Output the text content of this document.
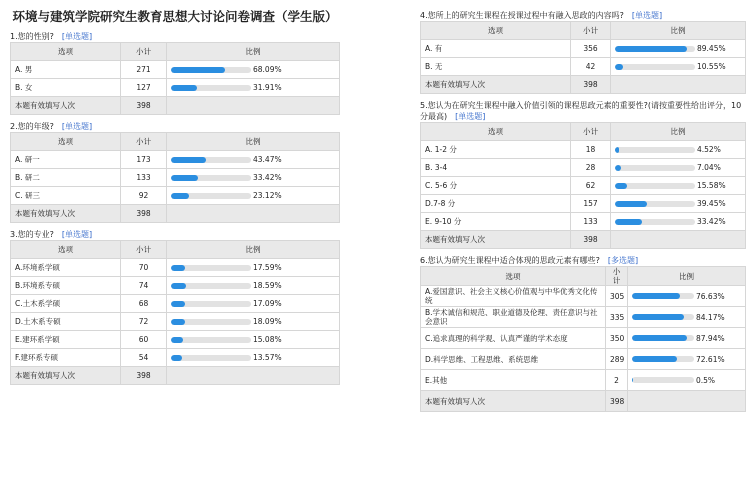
环境与建筑学院研究生教育思想大讨论问卷调查（学生版）

1.您的性别? [单选题]

选项	小计	比例
A. 男	271	68.09%
B. 女	127	31.91%
本题有效填写人次	398	

2.您的年级? [单选题]

选项	小计	比例
A. 研一	173	43.47%
B. 研二	133	33.42%
C. 研三	92	23.12%
本题有效填写人次	398	

3.您的专业? [单选题]

选项	小计	比例
A.环境系学硕	70	17.59%
B.环境系专硕	74	18.59%
C.土木系学硕	68	17.09%
D.土木系专硕	72	18.09%
E.建环系学硕	60	15.08%
F.建环系专硕	54	13.57%
本题有效填写人次	398	

4.您所上的研究生课程在授课过程中有融入思政的内容吗? [单选题]

选项	小计	比例
A. 有	356	89.45%
B. 无	42	10.55%
本题有效填写人次	398	

5.您认为在研究生课程中融入价值引领的课程思政元素的重要性?(请按重要性给出评分，10 分最高) [单选题]

选项	小计	比例
A. 1-2 分	18	4.52%
B. 3-4	28	7.04%
C. 5-6 分	62	15.58%
D.7-8 分	157	39.45%
E. 9-10 分	133	33.42%
本题有效填写人次	398	

6.您认为研究生课程中适合体现的思政元素有哪些? [多选题]

选项	小计	比例
A.爱国意识、社会主义核心价值观与中华优秀文化传统	305	76.63%
B.学术诚信和规范、职业道德及伦理、责任意识与社会意识	335	84.17%
C.追求真理的科学观、认真严谨的学术态度	350	87.94%
D.科学思维、工程思维、系统思维	289	72.61%
E.其他	2	0.5%
本题有效填写人次	398	
